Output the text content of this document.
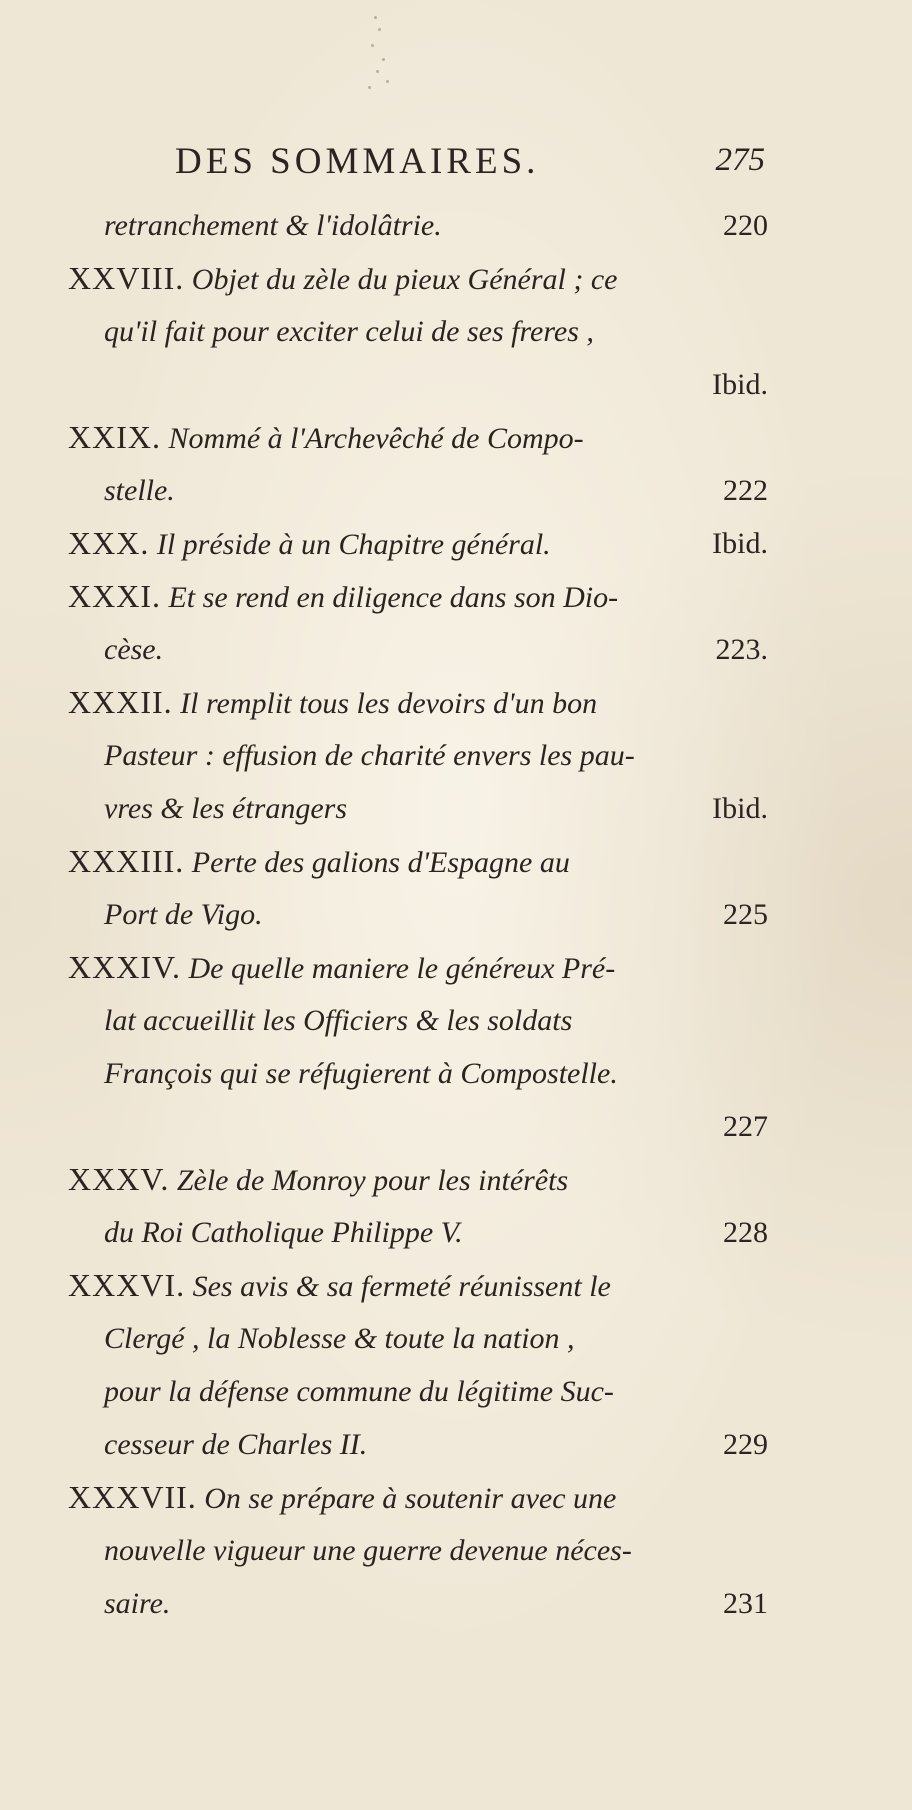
DES SOMMAIRES.	275
retranchement & l'idolâtrie.	220
XXVIII. Objet du zèle du pieux Général ; ce
qu'il fait pour exciter celui de ses freres ,
Ibid.
XXIX. Nommé à l'Archevêché de Compo-
stelle.	222
XXX. Il préside à un Chapitre général.	Ibid.
XXXI. Et se rend en diligence dans son Dio-
cèse.	223.
XXXII. Il remplit tous les devoirs d'un bon
Pasteur : effusion de charité envers les pau-
vres & les étrangers	Ibid.
XXXIII. Perte des galions d'Espagne au
Port de Vigo.	225
XXXIV. De quelle maniere le généreux Pré-
lat accueillit les Officiers & les soldats
François qui se réfugierent à Compostelle.
227
XXXV. Zèle de Monroy pour les intérêts
du Roi Catholique Philippe V.	228
XXXVI. Ses avis & sa fermeté réunissent le
Clergé , la Noblesse & toute la nation ,
pour la défense commune du légitime Suc-
cesseur de Charles II.	229
XXXVII. On se prépare à soutenir avec une
nouvelle vigueur une guerre devenue néces-
saire.	231
